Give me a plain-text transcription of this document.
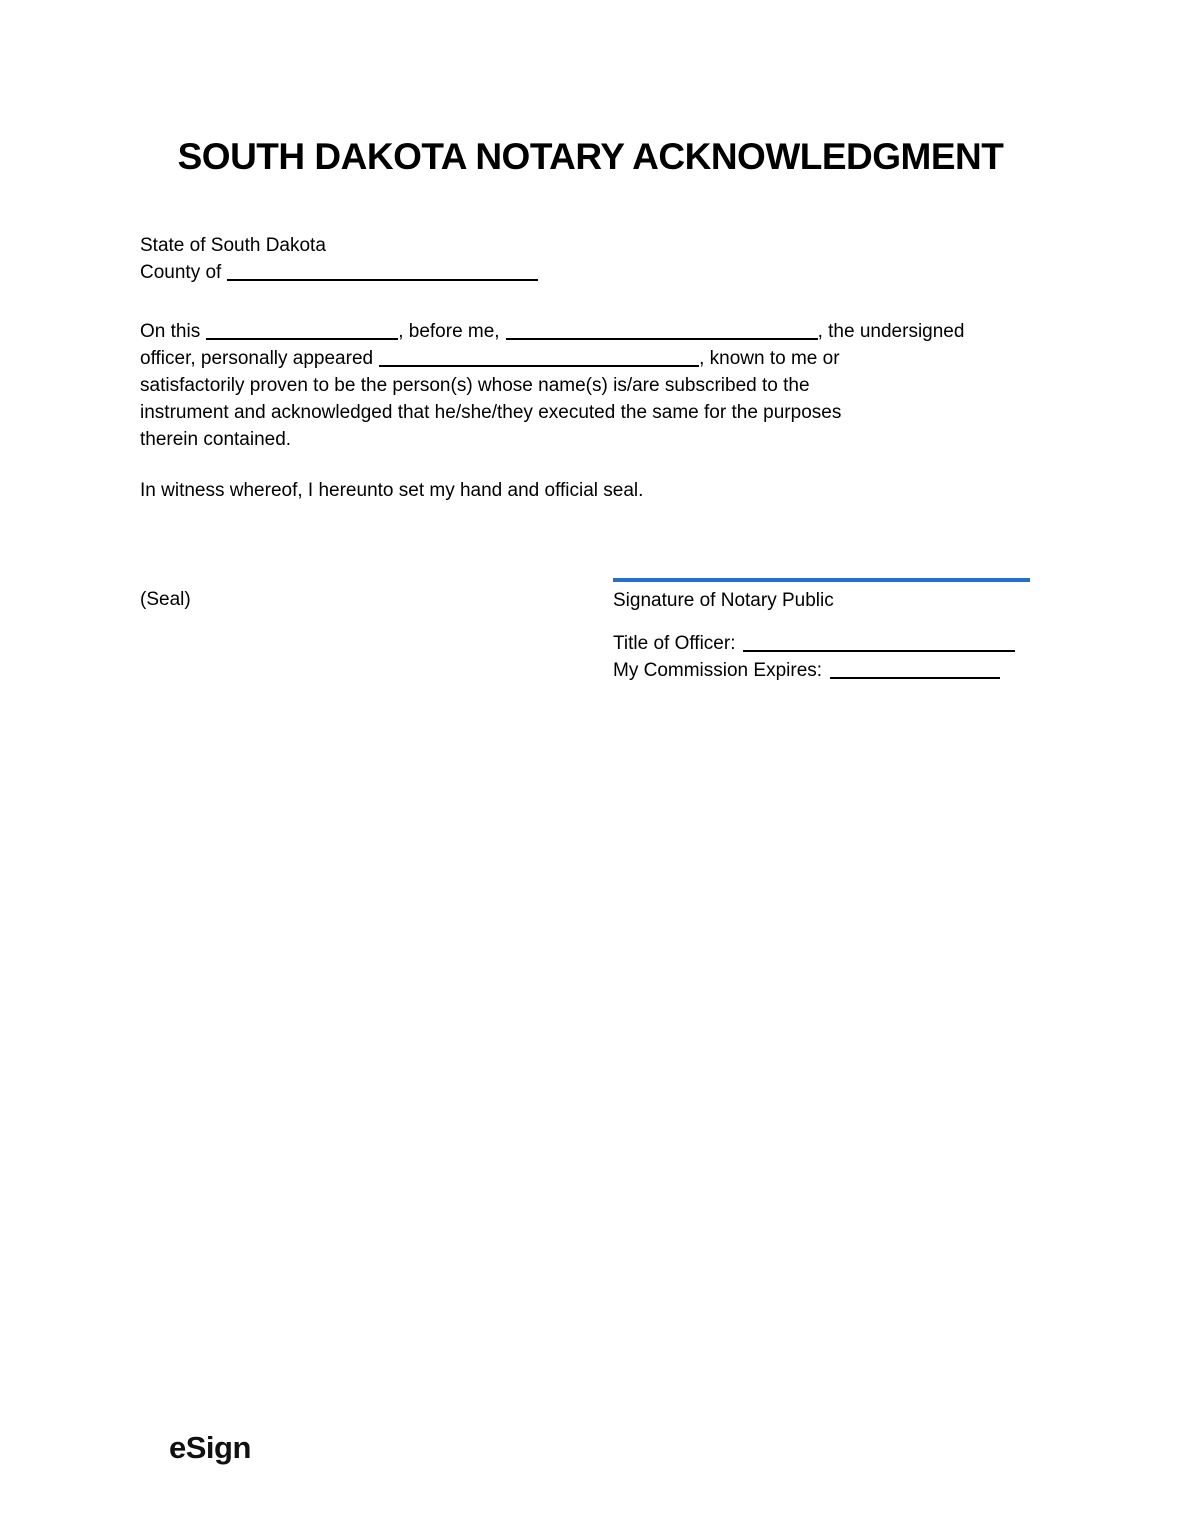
SOUTH DAKOTA NOTARY ACKNOWLEDGMENT
State of South Dakota
County of
On this	, before me,	, the undersigned
officer, personally appeared	, known to me or
satisfactorily proven to be the person(s) whose name(s) is/are subscribed to the
instrument and acknowledged that he/she/they executed the same for the purposes
therein contained.
In witness whereof, I hereunto set my hand and official seal.
(Seal)	Signature of Notary Public
Title of Officer:
My Commission Expires:
eSign
